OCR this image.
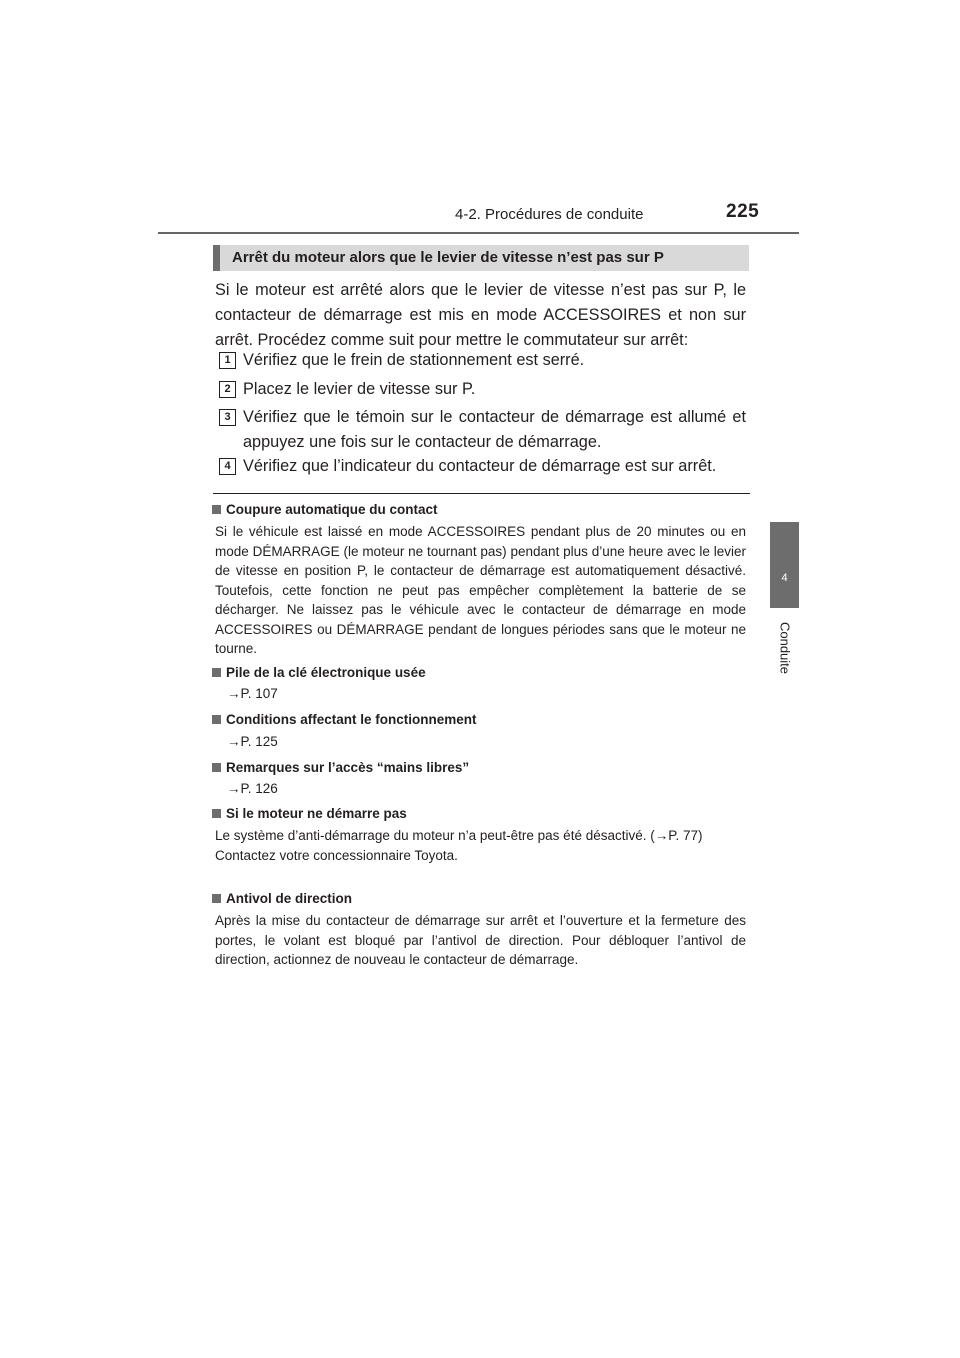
4-2. Procédures de conduite	225
4
Conduite
Arrêt du moteur alors que le levier de vitesse n’est pas sur P
Si le moteur est arrêté alors que le levier de vitesse n’est pas sur P, le contacteur de démarrage est mis en mode ACCESSOIRES et non sur arrêt. Procédez comme suit pour mettre le commutateur sur arrêt:
1 Vérifiez que le frein de stationnement est serré.
2 Placez le levier de vitesse sur P.
3 Vérifiez que le témoin sur le contacteur de démarrage est allumé et appuyez une fois sur le contacteur de démarrage.
4 Vérifiez que l’indicateur du contacteur de démarrage est sur arrêt.
Coupure automatique du contact
Si le véhicule est laissé en mode ACCESSOIRES pendant plus de 20 minutes ou en mode DÉMARRAGE (le moteur ne tournant pas) pendant plus d’une heure avec le levier de vitesse en position P, le contacteur de démarrage est automatiquement désactivé. Toutefois, cette fonction ne peut pas empêcher complètement la batterie de se décharger. Ne laissez pas le véhicule avec le contacteur de démarrage en mode ACCESSOIRES ou DÉMARRAGE pendant de longues périodes sans que le moteur ne tourne.
Pile de la clé électronique usée
→P. 107
Conditions affectant le fonctionnement
→P. 125
Remarques sur l’accès “mains libres”
→P. 126
Si le moteur ne démarre pas
Le système d’anti-démarrage du moteur n’a peut-être pas été désactivé. (→P. 77)
Contactez votre concessionnaire Toyota.
Antivol de direction
Après la mise du contacteur de démarrage sur arrêt et l’ouverture et la fermeture des portes, le volant est bloqué par l’antivol de direction. Pour débloquer l’antivol de direction, actionnez de nouveau le contacteur de démarrage.
